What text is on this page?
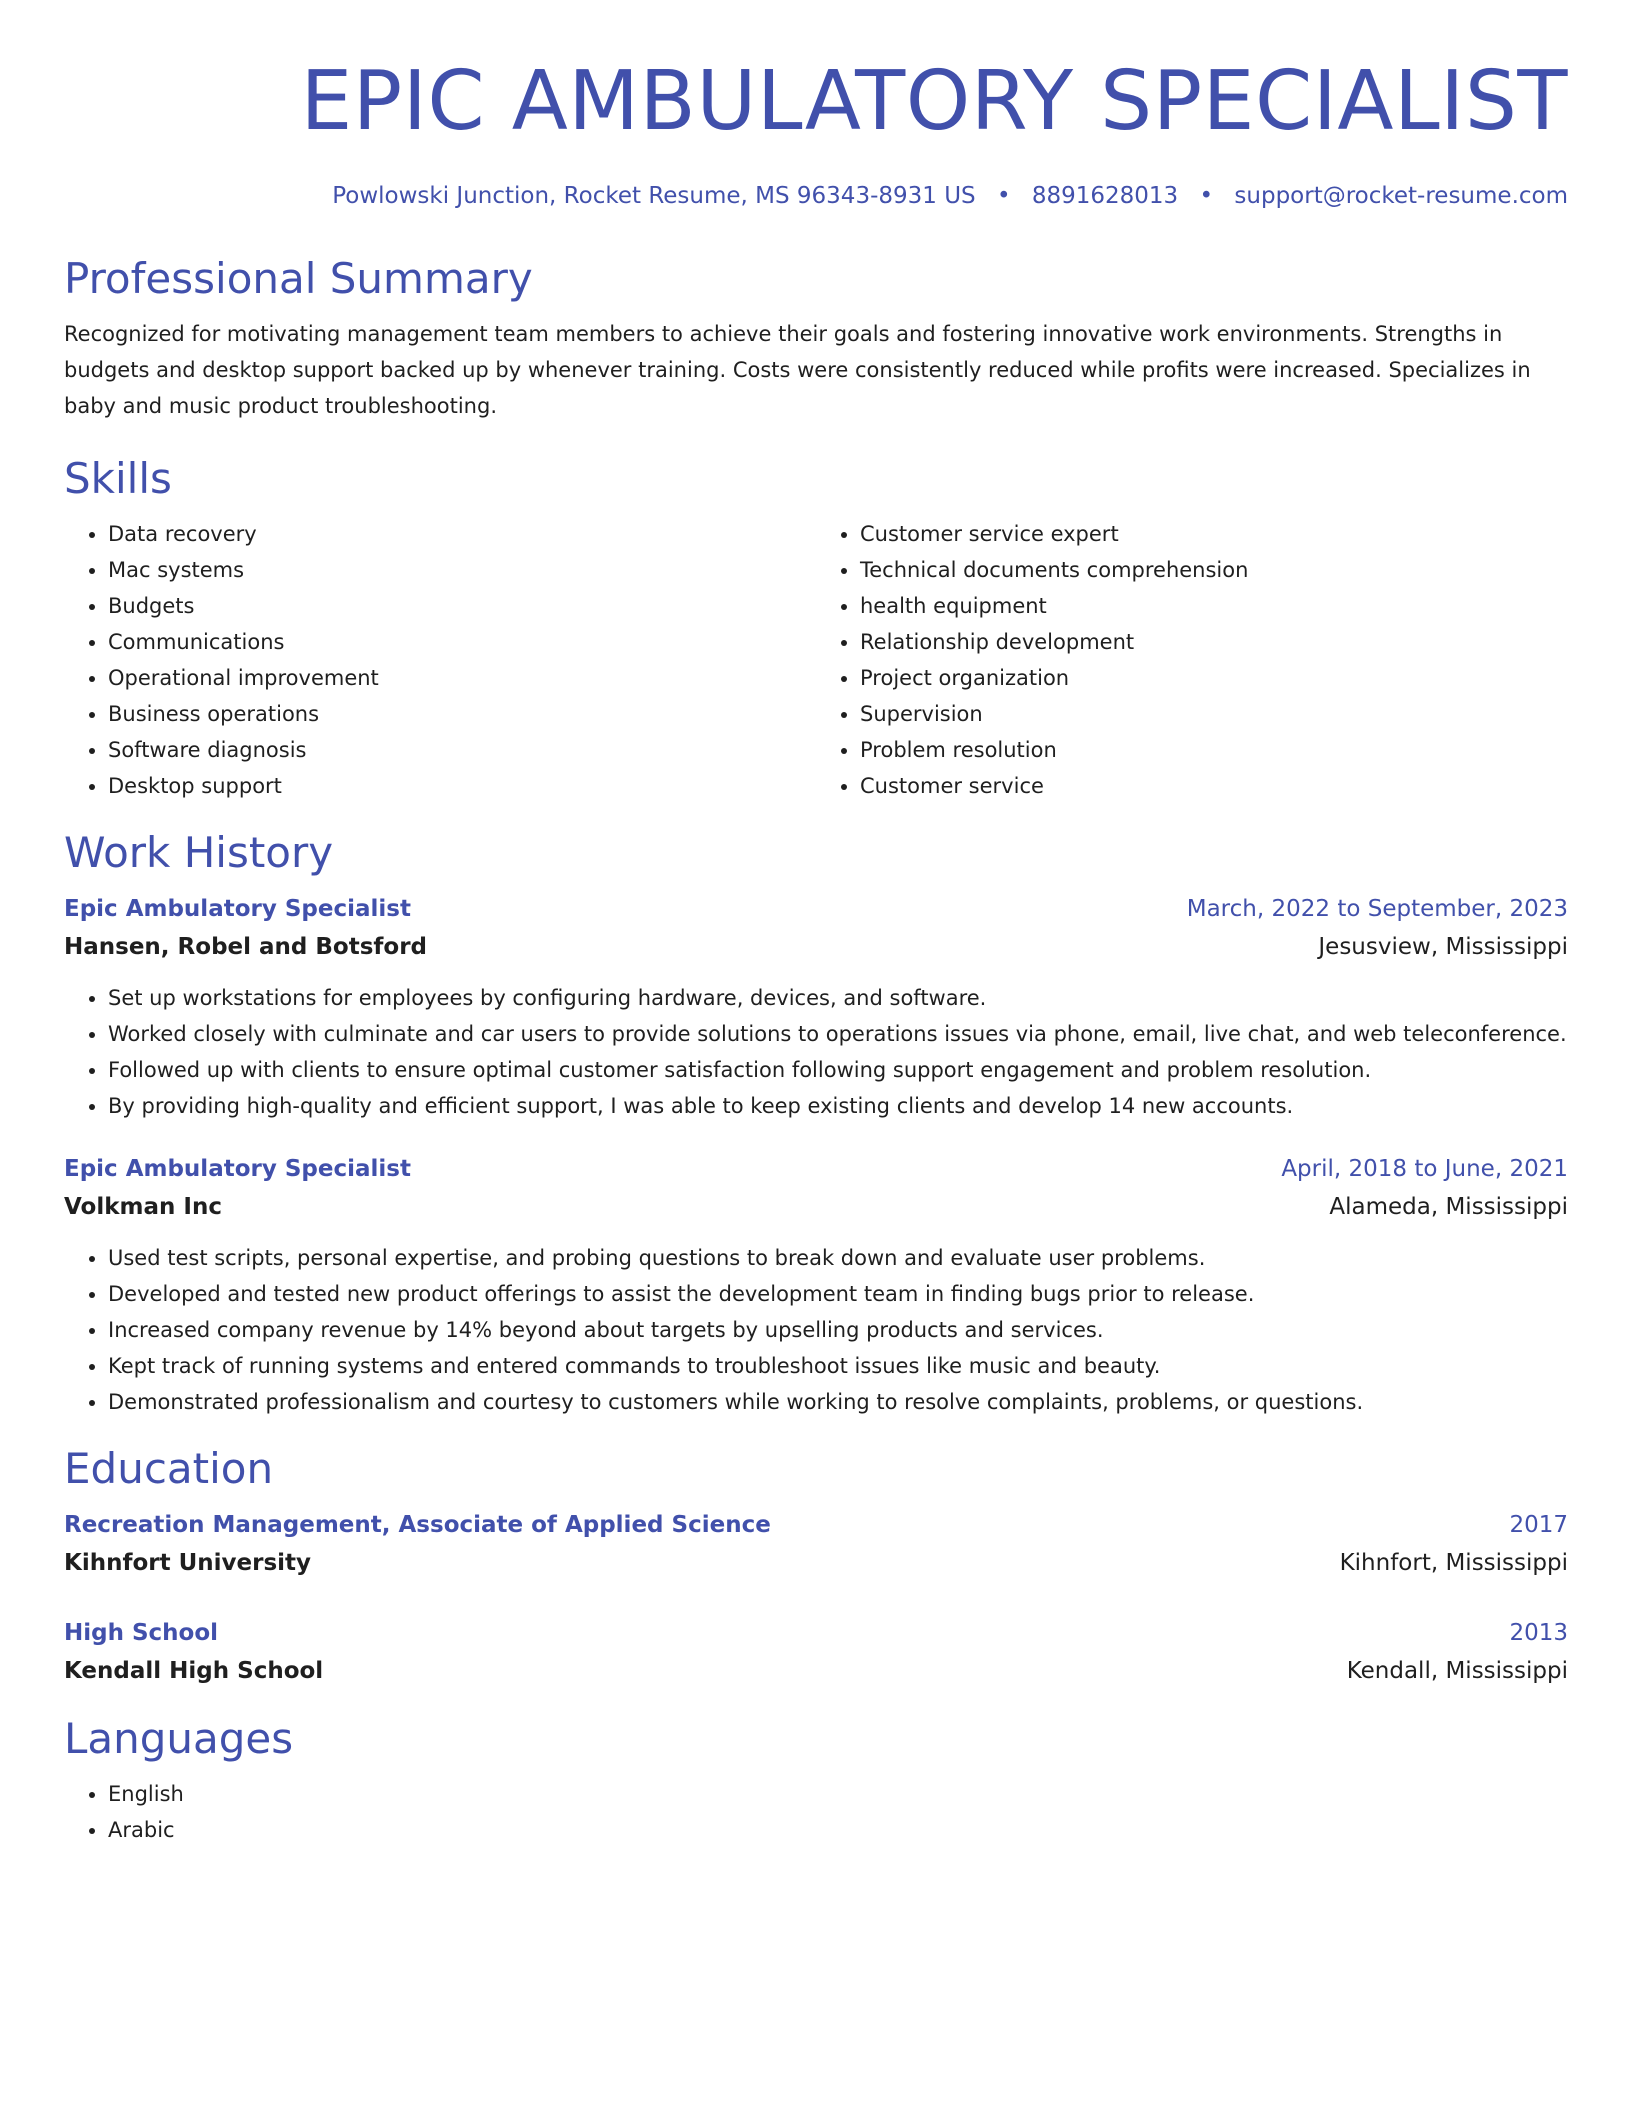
EPIC AMBULATORY SPECIALIST
Powlowski Junction, Rocket Resume, MS 96343-8931 US • 8891628013 • support@rocket-resume.com
Professional Summary
Recognized for motivating management team members to achieve their goals and fostering innovative work environments. Strengths in budgets and desktop support backed up by whenever training. Costs were consistently reduced while profits were increased. Specializes in baby and music product troubleshooting.
Skills
• Data recovery
• Mac systems
• Budgets
• Communications
• Operational improvement
• Business operations
• Software diagnosis
• Desktop support
• Customer service expert
• Technical documents comprehension
• health equipment
• Relationship development
• Project organization
• Supervision
• Problem resolution
• Customer service
Work History
Epic Ambulatory Specialist	March, 2022 to September, 2023
Hansen, Robel and Botsford	Jesusview, Mississippi
• Set up workstations for employees by configuring hardware, devices, and software.
• Worked closely with culminate and car users to provide solutions to operations issues via phone, email, live chat, and web teleconference.
• Followed up with clients to ensure optimal customer satisfaction following support engagement and problem resolution.
• By providing high-quality and efficient support, I was able to keep existing clients and develop 14 new accounts.
Epic Ambulatory Specialist	April, 2018 to June, 2021
Volkman Inc	Alameda, Mississippi
• Used test scripts, personal expertise, and probing questions to break down and evaluate user problems.
• Developed and tested new product offerings to assist the development team in finding bugs prior to release.
• Increased company revenue by 14% beyond about targets by upselling products and services.
• Kept track of running systems and entered commands to troubleshoot issues like music and beauty.
• Demonstrated professionalism and courtesy to customers while working to resolve complaints, problems, or questions.
Education
Recreation Management, Associate of Applied Science	2017
Kihnfort University	Kihnfort, Mississippi
High School	2013
Kendall High School	Kendall, Mississippi
Languages
• English
• Arabic
